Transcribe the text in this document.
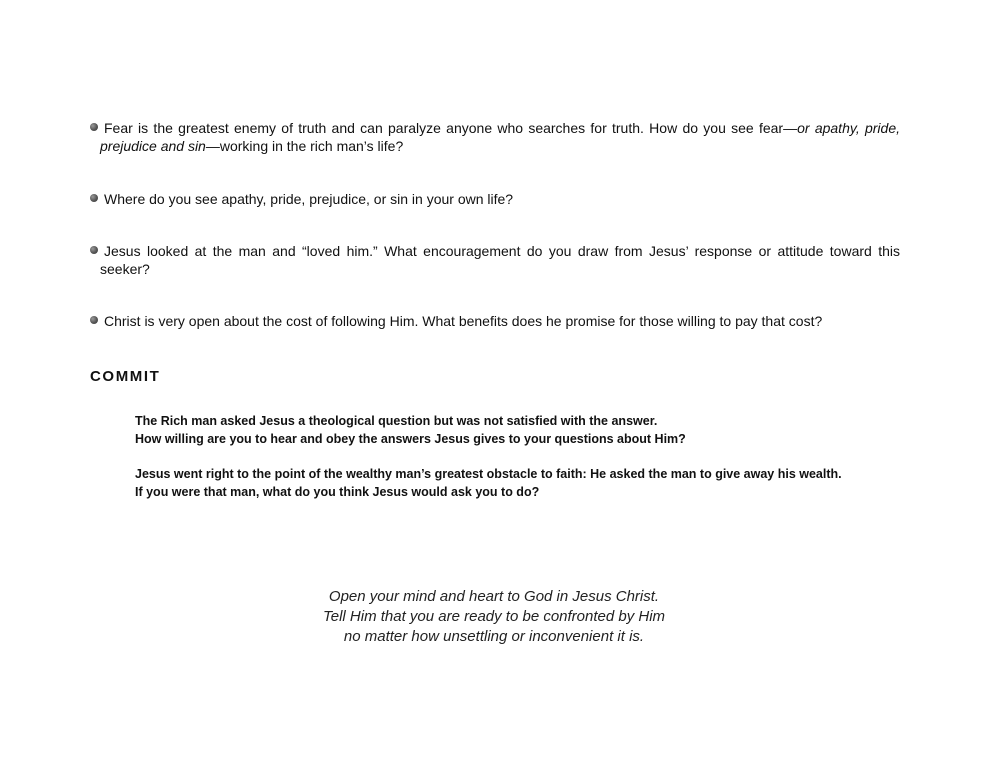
Fear is the greatest enemy of truth and can paralyze anyone who searches for truth. How do you see fear—or apathy, pride,
prejudice and sin—working in the rich man’s life?
Where do you see apathy, pride, prejudice, or sin in your own life?
Jesus looked at the man and “loved him.” What encouragement do you draw from Jesus’ response or attitude toward this
seeker?
Christ is very open about the cost of following Him. What benefits does he promise for those willing to pay that cost?
COMMIT
The Rich man asked Jesus a theological question but was not satisfied with the answer.
How willing are you to hear and obey the answers Jesus gives to your questions about Him?
Jesus went right to the point of the wealthy man’s greatest obstacle to faith: He asked the man to give away his wealth.
If you were that man, what do you think Jesus would ask you to do?
Open your mind and heart to God in Jesus Christ.
Tell Him that you are ready to be confronted by Him
no matter how unsettling or inconvenient it is.
